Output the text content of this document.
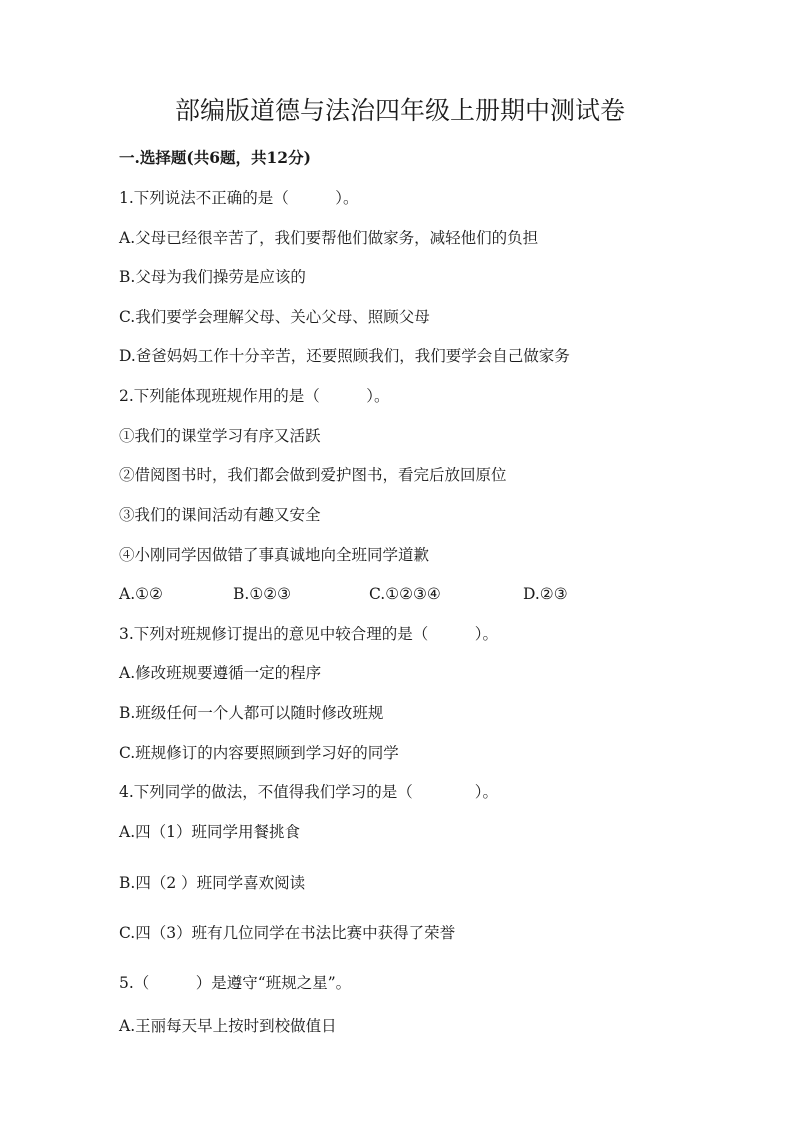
部编版道德与法治四年级上册期中测试卷

一.选择题(共6题，共12分)

1.下列说法不正确的是（　　　）。

A.父母已经很辛苦了，我们要帮他们做家务，减轻他们的负担

B.父母为我们操劳是应该的

C.我们要学会理解父母、关心父母、照顾父母

D.爸爸妈妈工作十分辛苦，还要照顾我们，我们要学会自己做家务

2.下列能体现班规作用的是（　　　）。

①我们的课堂学习有序又活跃

②借阅图书时，我们都会做到爱护图书，看完后放回原位

③我们的课间活动有趣又安全

④小刚同学因做错了事真诚地向全班同学道歉

A.①②	B.①②③	C.①②③④	D.②③

3.下列对班规修订提出的意见中较合理的是（　　　）。

A.修改班规要遵循一定的程序

B.班级任何一个人都可以随时修改班规

C.班规修订的内容要照顾到学习好的同学

4.下列同学的做法，不值得我们学习的是（　　　　）。

A.四（1）班同学用餐挑食

B.四（2 ）班同学喜欢阅读

C.四（3）班有几位同学在书法比赛中获得了荣誉

5.（　　　）是遵守“班规之星”。

A.王丽每天早上按时到校做值日
